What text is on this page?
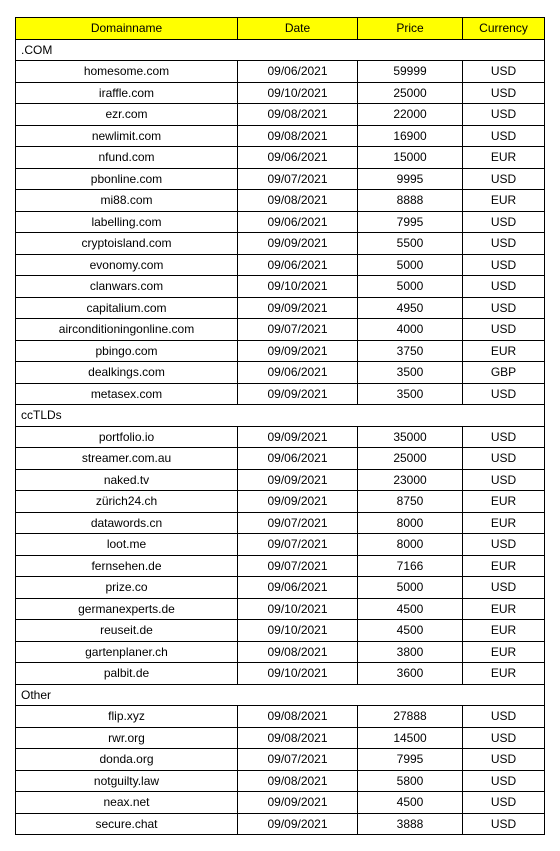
Domainname	Date	Price	Currency
.COM			
homesome.com	09/06/2021	59999	USD
iraffle.com	09/10/2021	25000	USD
ezr.com	09/08/2021	22000	USD
newlimit.com	09/08/2021	16900	USD
nfund.com	09/06/2021	15000	EUR
pbonline.com	09/07/2021	9995	USD
mi88.com	09/08/2021	8888	EUR
labelling.com	09/06/2021	7995	USD
cryptoisland.com	09/09/2021	5500	USD
evonomy.com	09/06/2021	5000	USD
clanwars.com	09/10/2021	5000	USD
capitalium.com	09/09/2021	4950	USD
airconditioningonline.com	09/07/2021	4000	USD
pbingo.com	09/09/2021	3750	EUR
dealkings.com	09/06/2021	3500	GBP
metasex.com	09/09/2021	3500	USD
ccTLDs			
portfolio.io	09/09/2021	35000	USD
streamer.com.au	09/06/2021	25000	USD
naked.tv	09/09/2021	23000	USD
zürich24.ch	09/09/2021	8750	EUR
datawords.cn	09/07/2021	8000	EUR
loot.me	09/07/2021	8000	USD
fernsehen.de	09/07/2021	7166	EUR
prize.co	09/06/2021	5000	USD
germanexperts.de	09/10/2021	4500	EUR
reuseit.de	09/10/2021	4500	EUR
gartenplaner.ch	09/08/2021	3800	EUR
palbit.de	09/10/2021	3600	EUR
Other			
flip.xyz	09/08/2021	27888	USD
rwr.org	09/08/2021	14500	USD
donda.org	09/07/2021	7995	USD
notguilty.law	09/08/2021	5800	USD
neax.net	09/09/2021	4500	USD
secure.chat	09/09/2021	3888	USD
